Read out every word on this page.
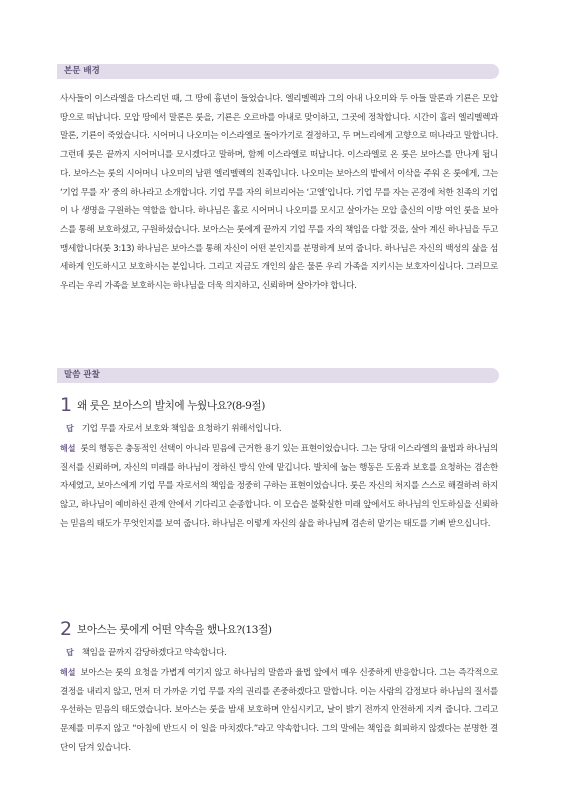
본문 배경

사사들이 이스라엘을 다스리던 때, 그 땅에 흉년이 들었습니다. 엘리멜렉과 그의 아내 나오미와 두 아들 말론과 기룐은 모압 땅으로 떠납니다. 모압 땅에서 말론은 룻을, 기룐은 오르바를 아내로 맞이하고, 그곳에 정착합니다. 시간이 흘러 엘리멜렉과 말론, 기룐이 죽었습니다. 시어머니 나오미는 이스라엘로 돌아가기로 결정하고, 두 며느리에게 고향으로 떠나라고 말합니다. 그런데 룻은 끝까지 시어머니를 모시겠다고 말하며, 함께 이스라엘로 떠납니다. 이스라엘로 온 룻은 보아스를 만나게 됩니다. 보아스는 룻의 시어머니 나오미의 남편 엘리멜렉의 친족입니다. 나오미는 보아스의 밭에서 이삭을 주워 온 룻에게, 그는 ‘기업 무를 자’ 중의 하나라고 소개합니다. 기업 무를 자의 히브리어는 ‘고엘’입니다. 기업 무를 자는 곤경에 처한 친족의 기업이 나 생명을 구원하는 역할을 합니다. 하나님은 홀로 시어머니 나오미를 모시고 살아가는 모압 출신의 이방 여인 룻을 보아스를 통해 보호하셨고, 구원하셨습니다. 보아스는 룻에게 끝까지 기업 무를 자의 책임을 다할 것을, 살아 계신 하나님을 두고 맹세합니다(룻 3:13) 하나님은 보아스를 통해 자신이 어떤 분인지를 분명하게 보여 줍니다. 하나님은 자신의 백성의 삶을 섬세하게 인도하시고 보호하시는 분입니다. 그리고 지금도 개인의 삶은 물론 우리 가족을 지키시는 보호자이십니다. 그러므로 우리는 우리 가족을 보호하시는 하나님을 더욱 의지하고, 신뢰하며 살아가야 합니다.

말씀 관찰
1 왜 룻은 보아스의 발치에 누웠나요?(8-9절)
답 기업 무를 자로서 보호와 책임을 요청하기 위해서입니다.

해설 룻의 행동은 충동적인 선택이 아니라 믿음에 근거한 용기 있는 표현이었습니다. 그는 당대 이스라엘의 율법과 하나님의 질서를 신뢰하며, 자신의 미래를 하나님이 정하신 방식 안에 맡깁니다. 발치에 눕는 행동은 도움과 보호를 요청하는 겸손한 자세였고, 보아스에게 기업 무를 자로서의 책임을 정중히 구하는 표현이었습니다. 룻은 자신의 처지를 스스로 해결하려 하지 않고, 하나님이 예비하신 관계 안에서 기다리고 순종합니다. 이 모습은 불확실한 미래 앞에서도 하나님의 인도하심을 신뢰하는 믿음의 태도가 무엇인지를 보여 줍니다. 하나님은 이렇게 자신의 삶을 하나님께 겸손히 맡기는 태도를 기뻐 받으십니다.

2 보아스는 룻에게 어떤 약속을 했나요?(13절)
답 책임을 끝까지 감당하겠다고 약속합니다.

해설 보아스는 룻의 요청을 가볍게 여기지 않고 하나님의 말씀과 율법 앞에서 매우 신중하게 반응합니다. 그는 즉각적으로 결정을 내리지 않고, 먼저 더 가까운 기업 무를 자의 권리를 존중하겠다고 말합니다. 이는 사람의 감정보다 하나님의 질서를 우선하는 믿음의 태도였습니다. 보아스는 룻을 밤새 보호하며 안심시키고, 날이 밝기 전까지 안전하게 지켜 줍니다. 그리고 문제를 미루지 않고 “아침에 반드시 이 일을 마치겠다.”라고 약속합니다. 그의 말에는 책임을 회피하지 않겠다는 분명한 결단이 담겨 있습니다.
